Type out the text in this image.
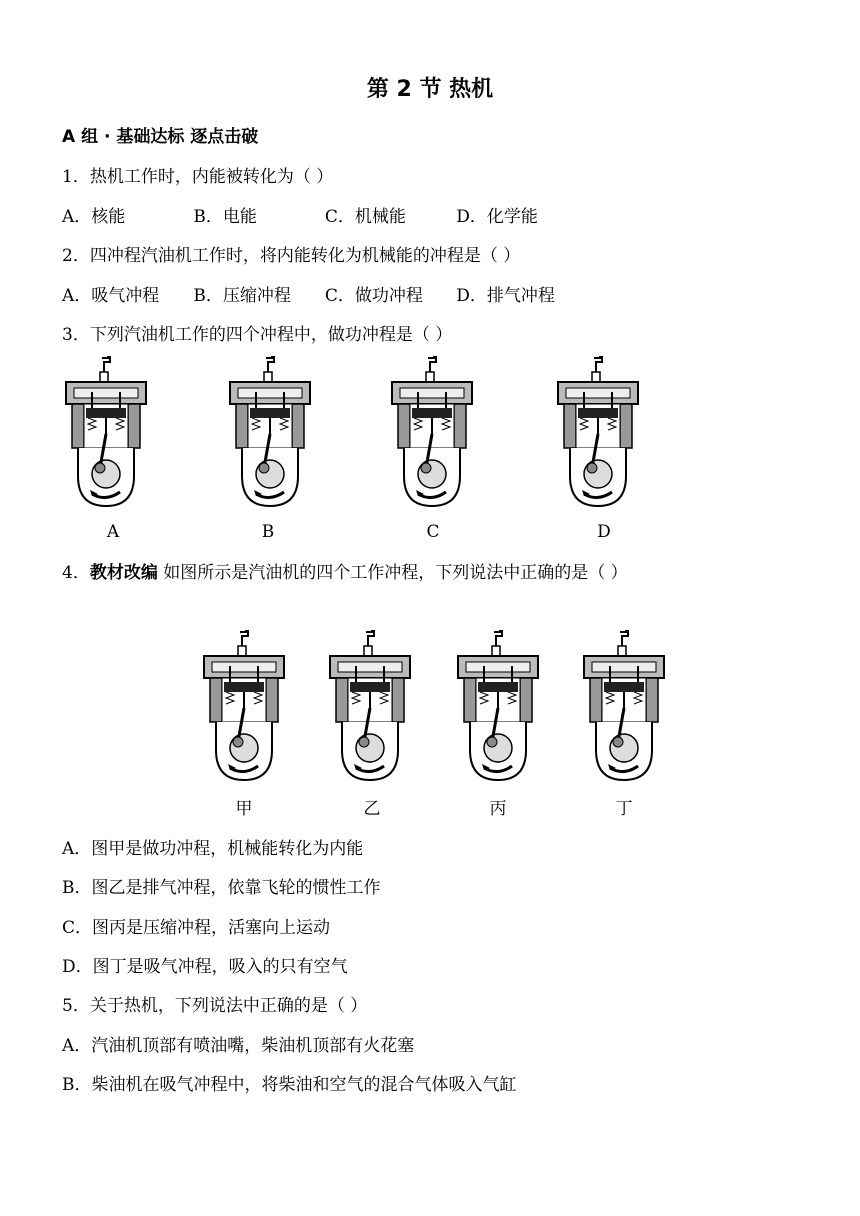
第 2 节 热机
A 组 · 基础达标 逐点击破
1．热机工作时，内能被转化为（ ）
A．核能	B．电能	C．机械能	D．化学能
2．四冲程汽油机工作时，将内能转化为机械能的冲程是（ ）
A．吸气冲程 B．压缩冲程 C．做功冲程 D．排气冲程
3．下列汽油机工作的四个冲程中，做功冲程是（ ）
A	B	C	D
4．教材改编 如图所示是汽油机的四个工作冲程，下列说法中正确的是（ ）
甲	乙	丙	丁
A．图甲是做功冲程，机械能转化为内能
B．图乙是排气冲程，依靠飞轮的惯性工作
C．图丙是压缩冲程，活塞向上运动
D．图丁是吸气冲程，吸入的只有空气
5．关于热机，下列说法中正确的是（ ）
A．汽油机顶部有喷油嘴，柴油机顶部有火花塞
B．柴油机在吸气冲程中，将柴油和空气的混合气体吸入气缸
